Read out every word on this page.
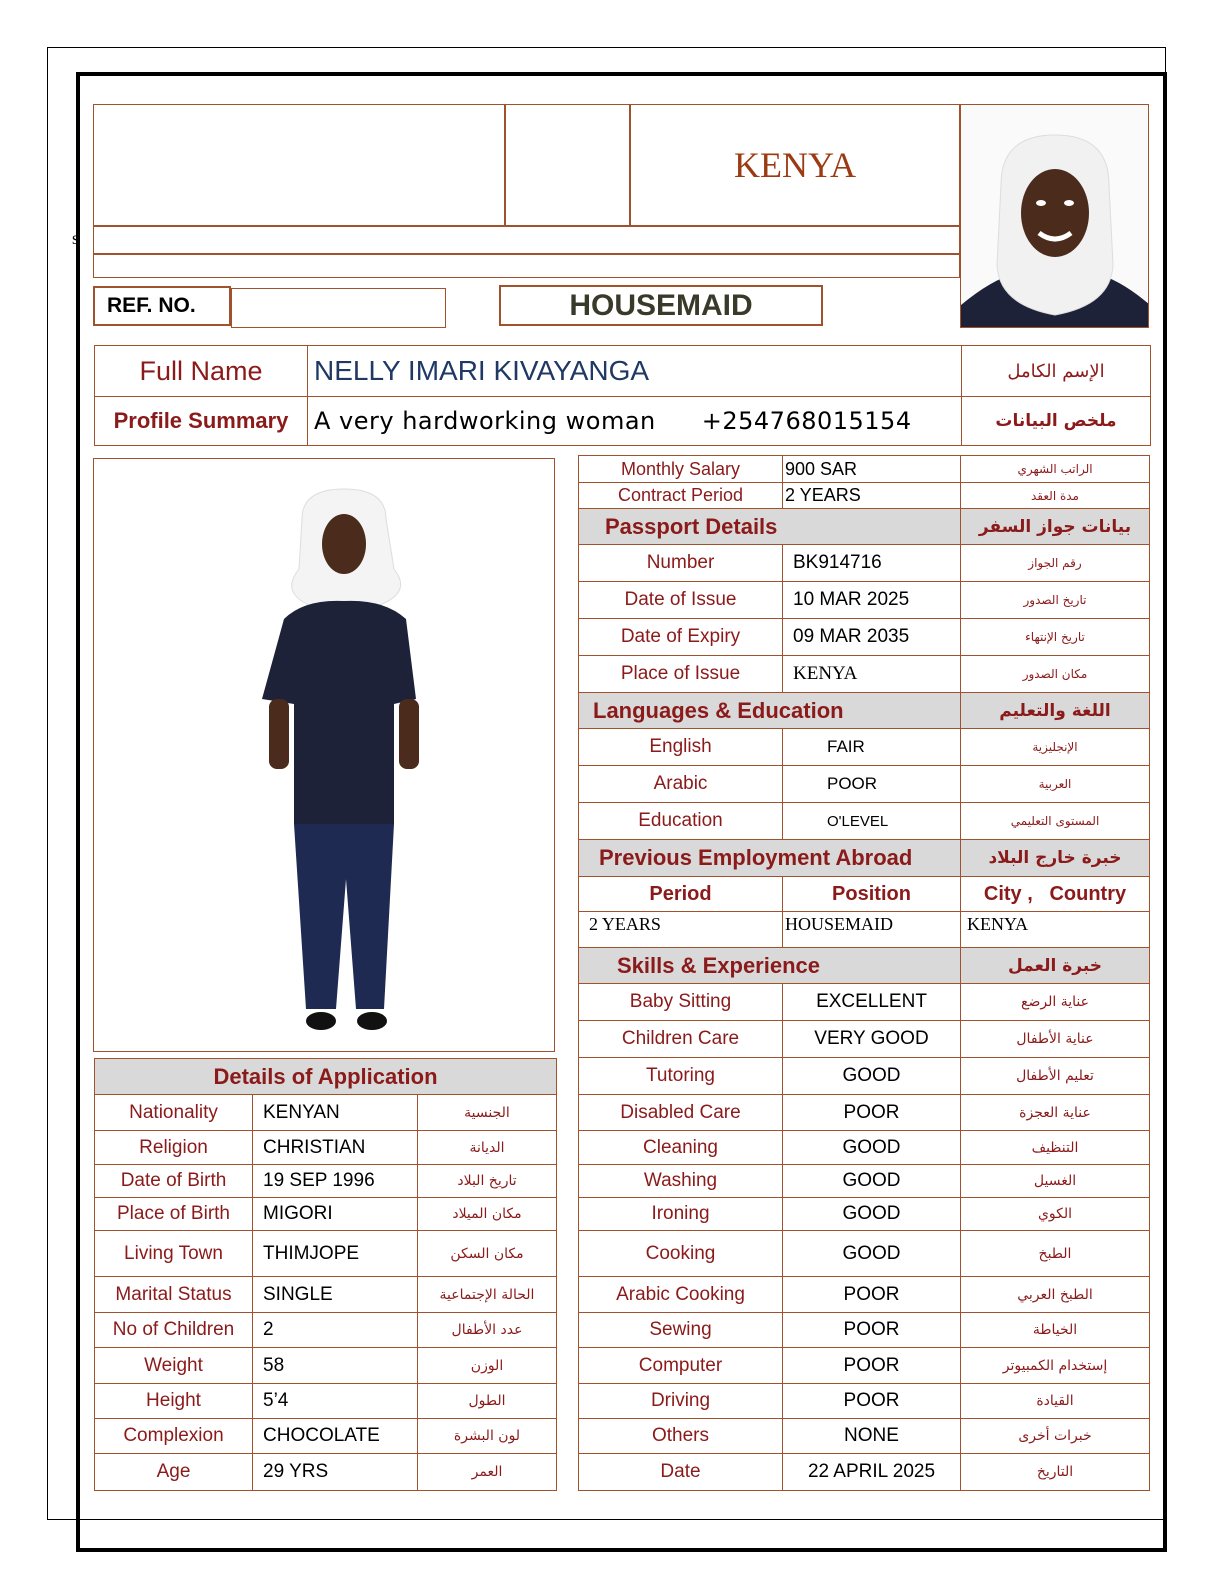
s
KENYA
REF. NO.	HOUSEMAID
Full Name	NELLY IMARI KIVAYANGA	الإسم الكامل
Profile Summary	A very hardworking woman +254768015154	ملخص البيانات
Monthly Salary	900 SAR	الراتب الشهري
Contract Period	2 YEARS	مدة العقد
Passport Details		بيانات جواز السفر
Number	BK914716	رقم الجواز
Date of Issue	10 MAR 2025	تاريخ الصدور
Date of Expiry	09 MAR 2035	تاريخ الإنتهاء
Place of Issue	KENYA	مكان الصدور
Languages & Education		اللغة والتعليم
English	FAIR	الإنجليزية
Arabic	POOR	العربية
Education	O'LEVEL	المستوى التعليمي
Previous Employment Abroad		خبرة خارج البلاد
Period	Position	City ,   Country
2 YEARS	HOUSEMAID	KENYA
Skills & Experience		خبرة العمل
Baby Sitting	EXCELLENT	عناية الرضع
Children Care	VERY GOOD	عناية الأطفال
Tutoring	GOOD	تعليم الأطفال
Disabled Care	POOR	عناية العجزة
Cleaning	GOOD	التنظيف
Washing	GOOD	الغسيل
Ironing	GOOD	الكوي
Cooking	GOOD	الطبخ
Arabic Cooking	POOR	الطبخ العربي
Sewing	POOR	الخياطة
Computer	POOR	إستخدام الكمبيوتر
Driving	POOR	القيادة
Others	NONE	خبرات أخرى
Date	22 APRIL 2025	التاريخ
Details of Application		
Nationality	KENYAN	الجنسية
Religion	CHRISTIAN	الديانة
Date of Birth	19 SEP 1996	تاريخ البلاد
Place of Birth	MIGORI	مكان الميلاد
Living Town	THIMJOPE	مكان السكن
Marital Status	SINGLE	الحالة الإجتماعية
No of Children	2	عدد الأطفال
Weight	58	الوزن
Height	5’4	الطول
Complexion	CHOCOLATE	لون البشرة
Age	29 YRS	العمر
